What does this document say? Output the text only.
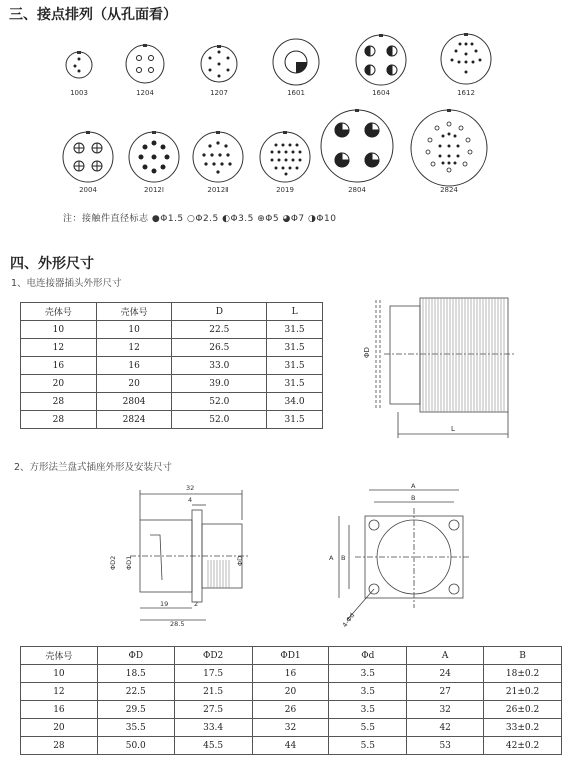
三、接点排列（从孔面看）
1003	1204	1207	1601	1604	1612
2004	2012Ⅰ	2012Ⅱ	2019	2804	2824
注：接触件直径标志 ●Φ1.5 ○Φ2.5 ◐Φ3.5 ⊕Φ5 ◕Φ7 ◑Φ10
四、外形尺寸
1、电连接器插头外形尺寸
壳体号	壳体号	D	L
10	10	22.5	31.5
12	12	26.5	31.5
16	16	33.0	31.5
20	20	39.0	31.5
28	2804	52.0	34.0
28	2824	52.0	31.5
ΦD
L
2、方形法兰盘式插座外形及安装尺寸
32
4
19	2
28.5
ΦD2 ΦD1	ΦD
A
B
A B
4-Φd
壳体号	ΦD	ΦD2	ΦD1	Φd	A	B
10	18.5	17.5	16	3.5	24	18±0.2
12	22.5	21.5	20	3.5	27	21±0.2
16	29.5	27.5	26	3.5	32	26±0.2
20	35.5	33.4	32	5.5	42	33±0.2
28	50.0	45.5	44	5.5	53	42±0.2
